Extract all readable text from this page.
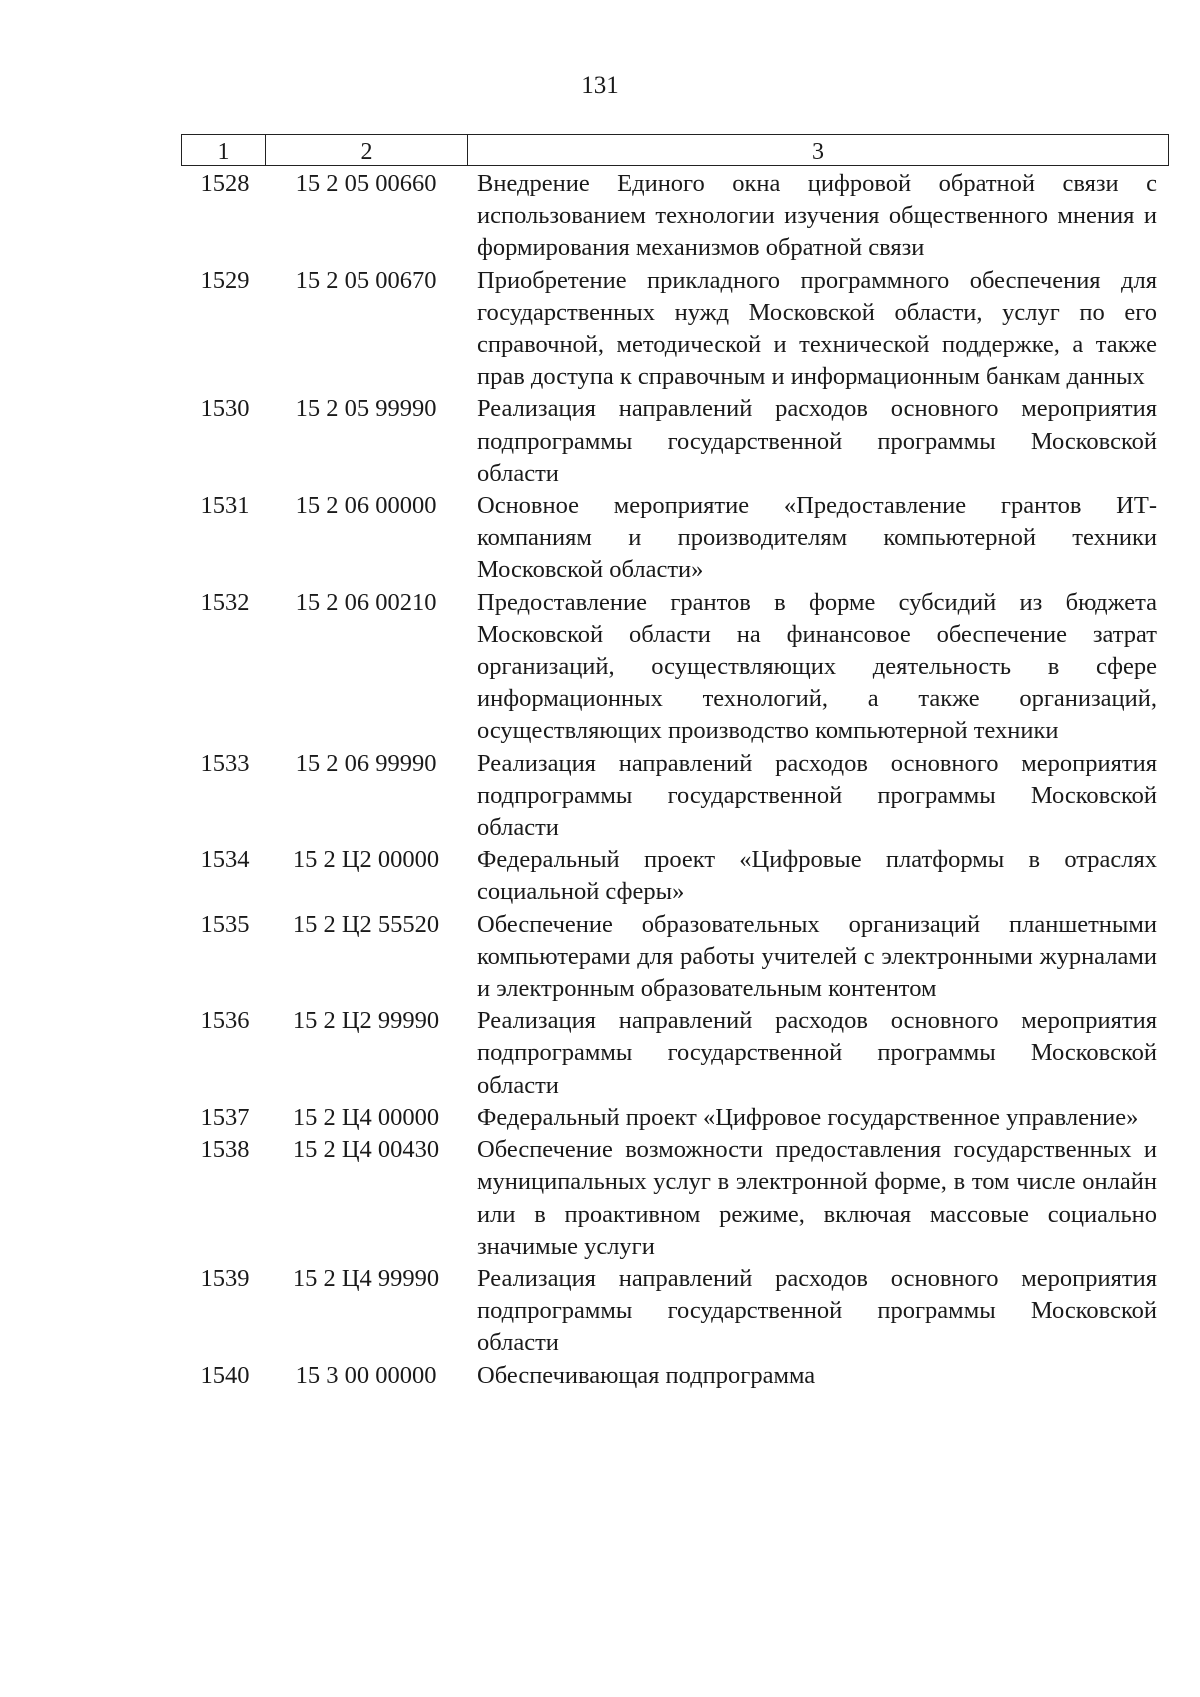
131
1	2	3
1528	15 2 05 00660	Внедрение Единого окна цифровой обратной связи с использованием технологии изучения общественного мнения и формирования механизмов обратной связи
1529	15 2 05 00670	Приобретение прикладного программного обеспечения для государственных нужд Московской области, услуг по его справочной, методической и технической поддержке, а также прав доступа к справочным и информационным банкам данных
1530	15 2 05 99990	Реализация направлений расходов основного мероприятия подпрограммы государственной программы Московской области
1531	15 2 06 00000	Основное мероприятие «Предоставление грантов ИТ-компаниям и производителям компьютерной техники Московской области»
1532	15 2 06 00210	Предоставление грантов в форме субсидий из бюджета Московской области на финансовое обеспечение затрат организаций, осуществляющих деятельность в сфере информационных технологий, а также организаций, осуществляющих производство компьютерной техники
1533	15 2 06 99990	Реализация направлений расходов основного мероприятия подпрограммы государственной программы Московской области
1534	15 2 Ц2 00000	Федеральный проект «Цифровые платформы в отраслях социальной сферы»
1535	15 2 Ц2 55520	Обеспечение образовательных организаций планшетными компьютерами для работы учителей с электронными журналами и электронным образовательным контентом
1536	15 2 Ц2 99990	Реализация направлений расходов основного мероприятия подпрограммы государственной программы Московской области
1537	15 2 Ц4 00000	Федеральный проект «Цифровое государственное управление»
1538	15 2 Ц4 00430	Обеспечение возможности предоставления государственных и муниципальных услуг в электронной форме, в том числе онлайн или в проактивном режиме, включая массовые социально значимые услуги
1539	15 2 Ц4 99990	Реализация направлений расходов основного мероприятия подпрограммы государственной программы Московской области
1540	15 3 00 00000	Обеспечивающая подпрограмма
